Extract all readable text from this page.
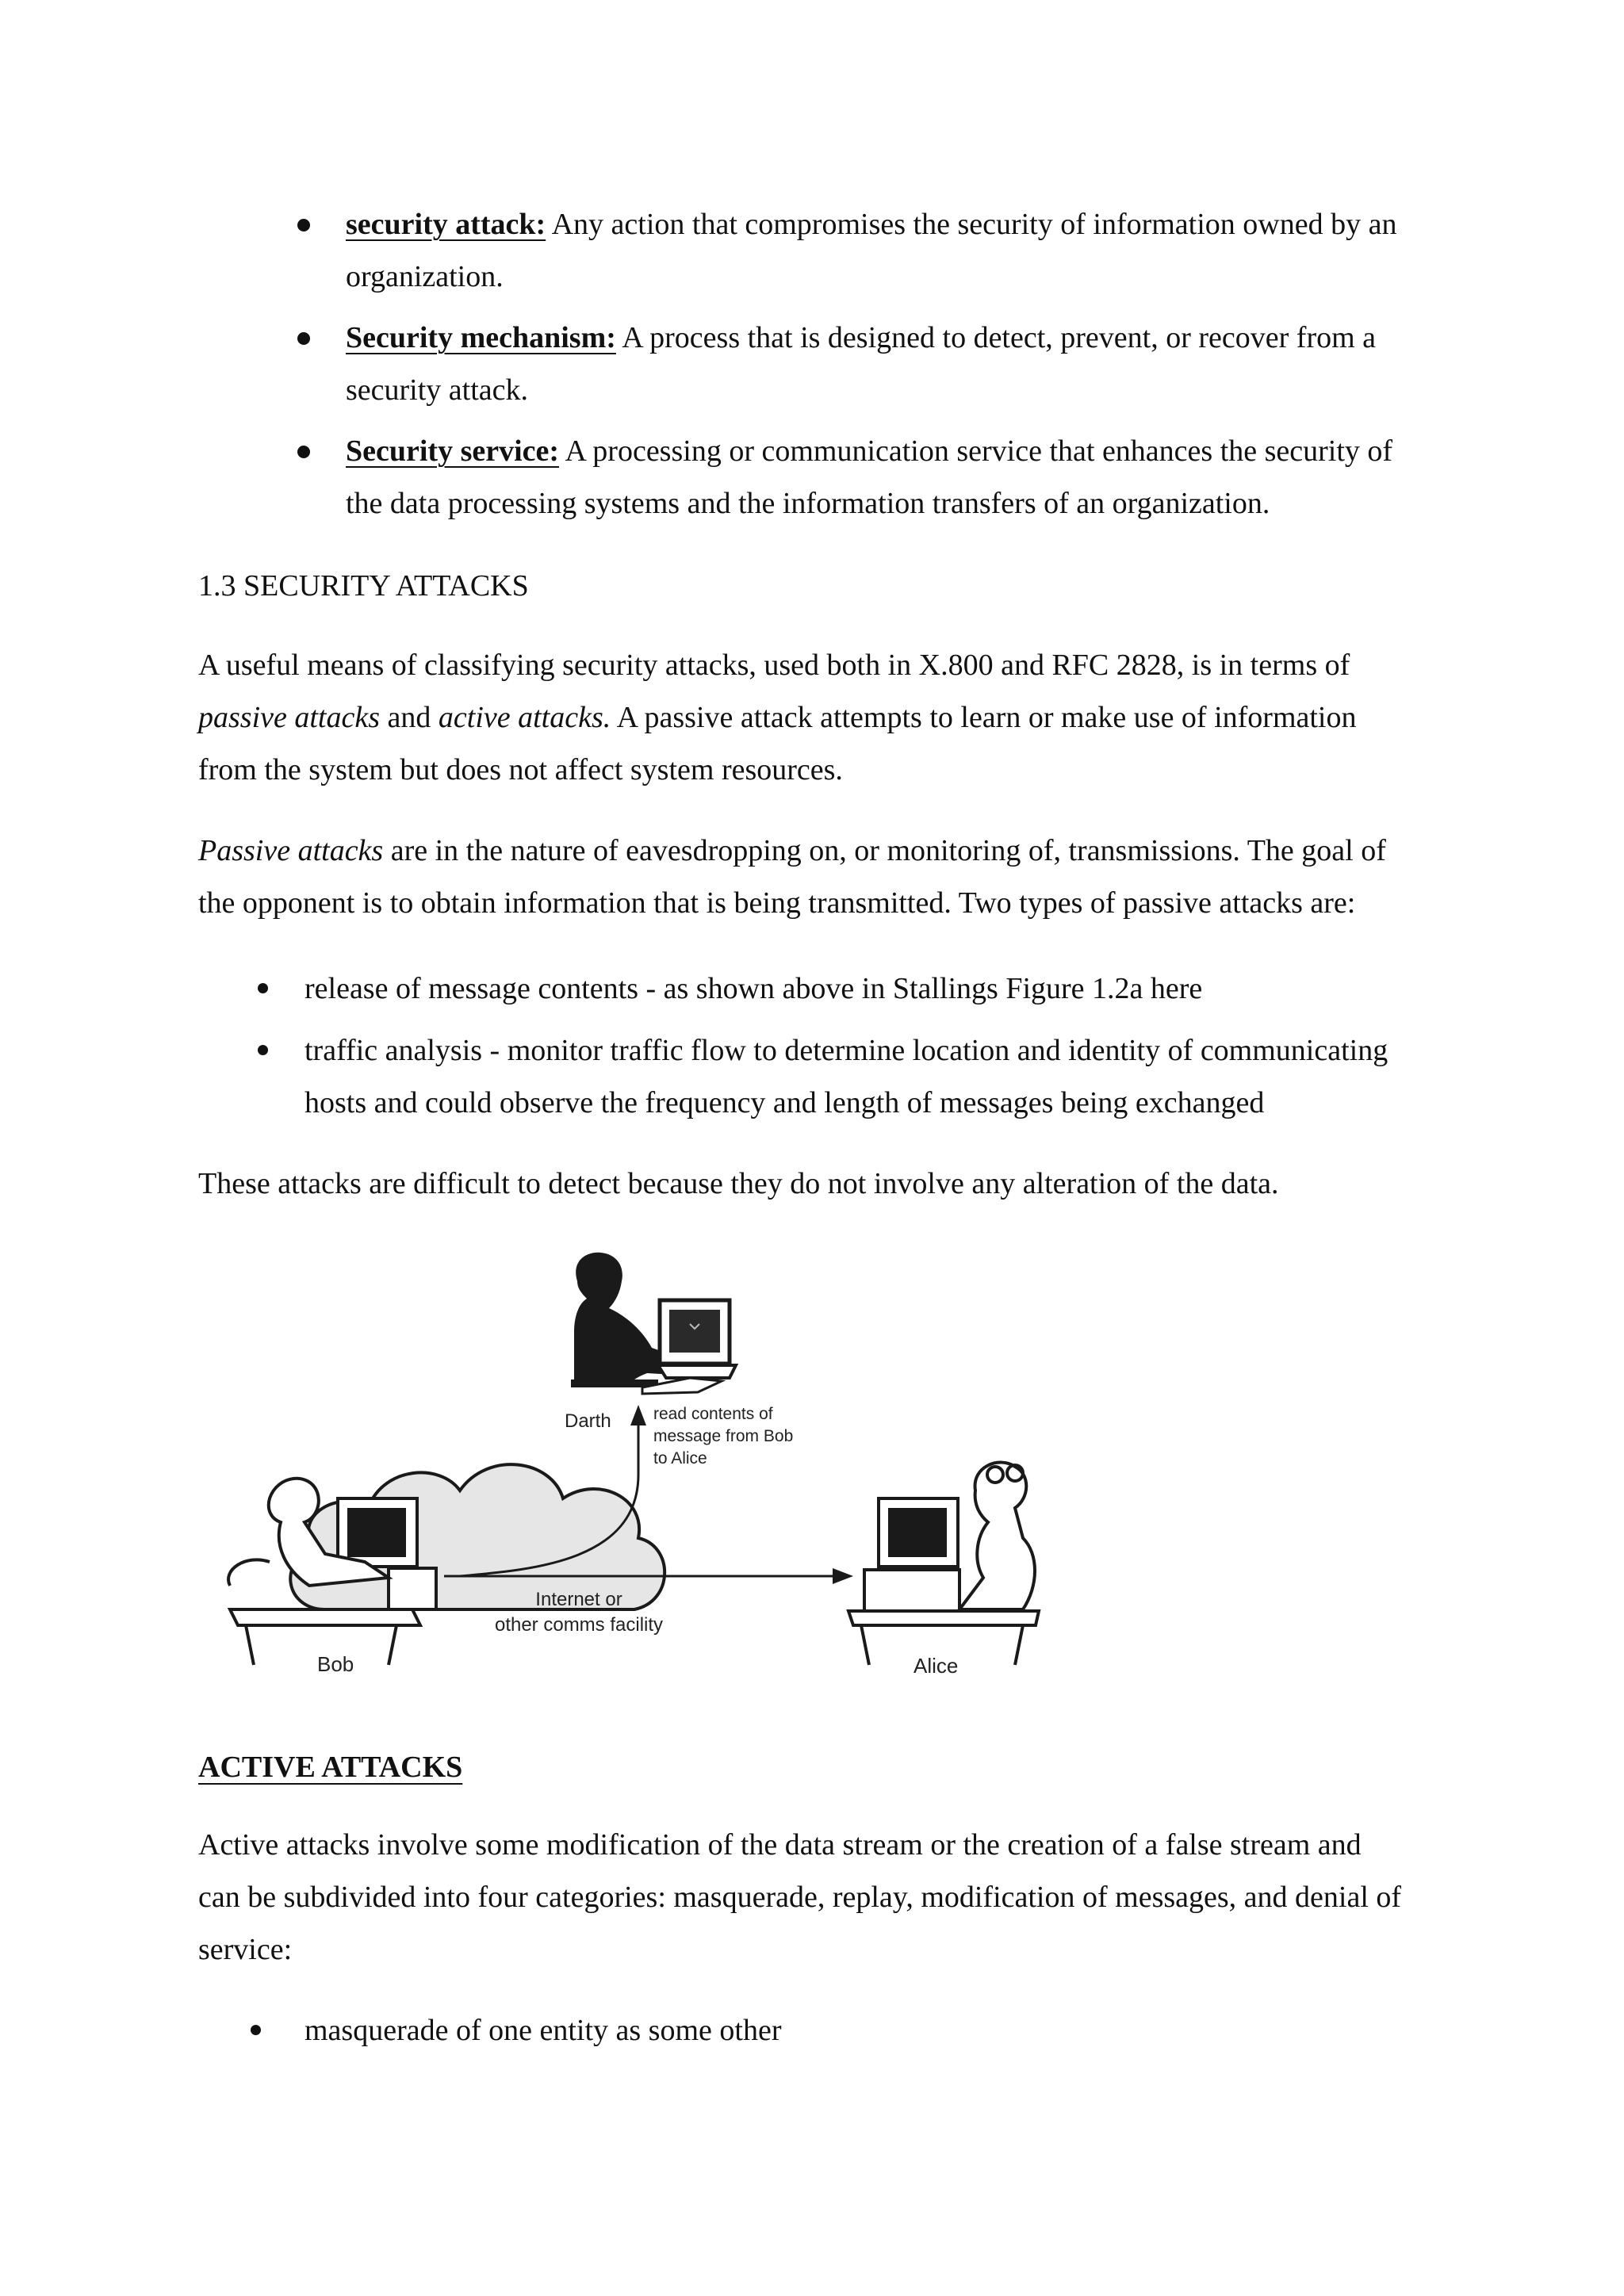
security attack: Any action that compromises the security of information owned by an

organization.

Security mechanism: A process that is designed to detect, prevent, or recover from a

security attack.

Security service: A processing or communication service that enhances the security of

the data processing systems and the information transfers of an organization.

1.3 SECURITY ATTACKS

A useful means of classifying security attacks, used both in X.800 and RFC 2828, is in terms of

passive attacks and active attacks. A passive attack attempts to learn or make use of information

from the system but does not affect system resources.

Passive attacks are in the nature of eavesdropping on, or monitoring of, transmissions. The goal of

the opponent is to obtain information that is being transmitted. Two types of passive attacks are:

release of message contents - as shown above in Stallings Figure 1.2a here

traffic analysis - monitor traffic flow to determine location and identity of communicating

hosts and could observe the frequency and length of messages being exchanged

These attacks are difficult to detect because they do not involve any alteration of the data.

Darth	read contents of
message from Bob
to Alice
Internet or
other comms facility
Bob	Alice

ACTIVE ATTACKS

Active attacks involve some modification of the data stream or the creation of a false stream and

can be subdivided into four categories: masquerade, replay, modification of messages, and denial of

service:

masquerade of one entity as some other
